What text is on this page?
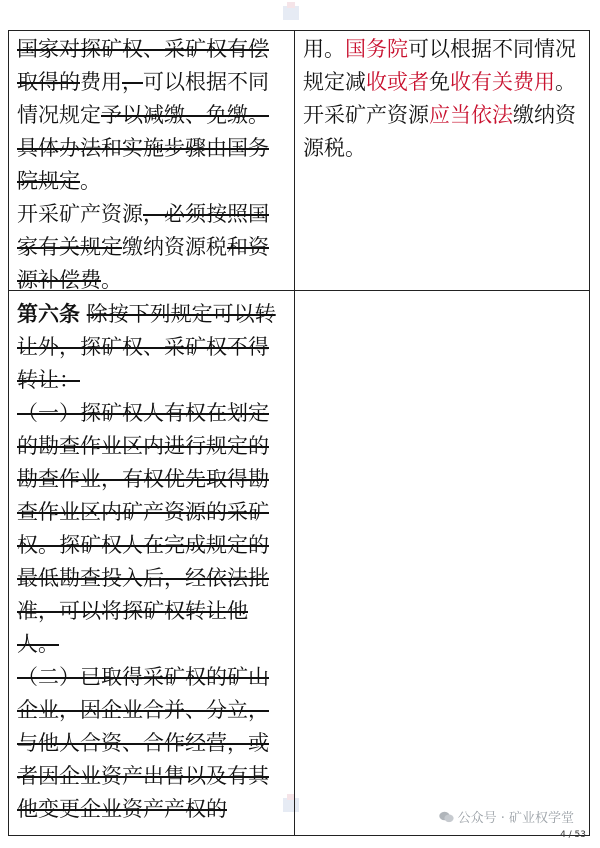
国家对探矿权、采矿权有偿取得的费用，可以根据不同情况规定予以减缴、免缴。具体办法和实施步骤由国务院规定。

开采矿产资源，必须按照国家有关规定缴纳资源税和资源补偿费。

用。国务院可以根据不同情况规定减收或者免收有关费用。

开采矿产资源应当依法缴纳资源税。

第六条 除按下列规定可以转让外，探矿权、采矿权不得转让：

（一）探矿权人有权在划定的勘查作业区内进行规定的勘查作业，有权优先取得勘查作业区内矿产资源的采矿权。探矿权人在完成规定的最低勘查投入后，经依法批准，可以将探矿权转让他人。

（二）已取得采矿权的矿山企业，因企业合并、分立，与他人合资、合作经营，或者因企业资产出售以及有其他变更企业资产产权的	公众号 · 矿业权学堂
4 / 53
